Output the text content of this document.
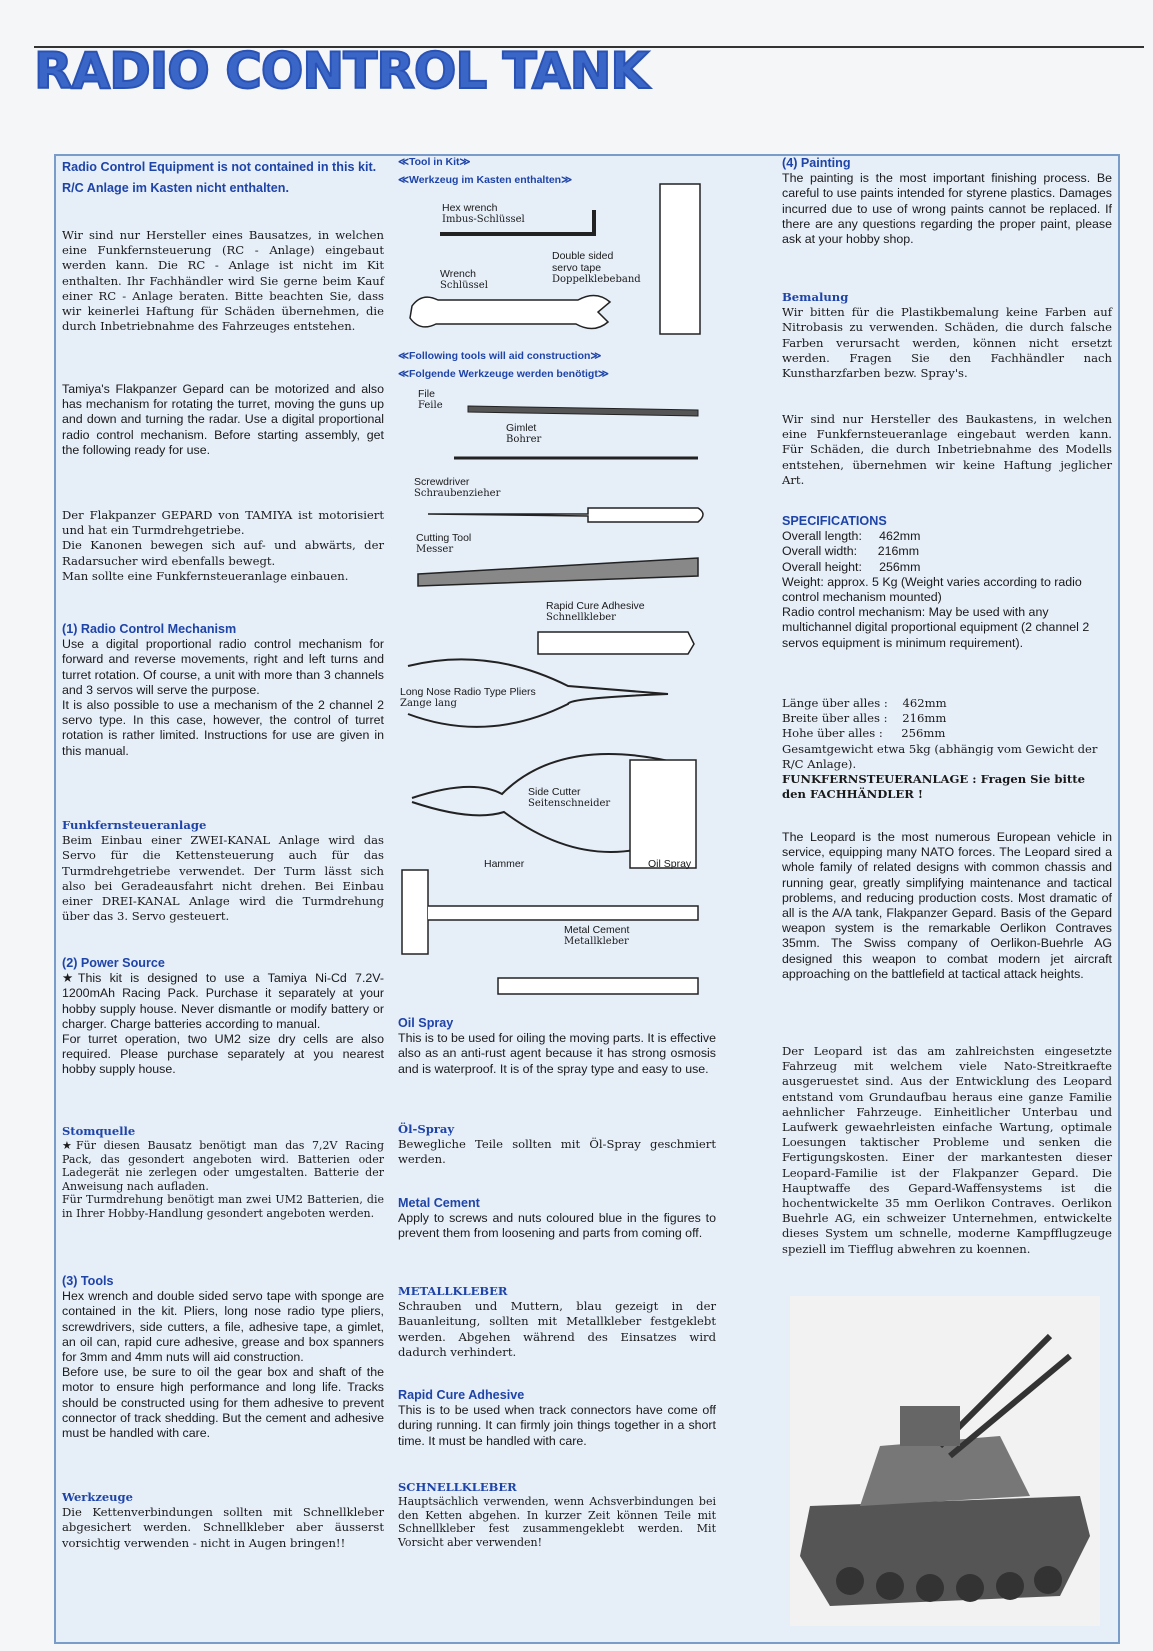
RADIO CONTROL TANK
Radio Control Equipment is not contained in this kit.
R/C Anlage im Kasten nicht enthalten.
Wir sind nur Hersteller eines Bausatzes, in welchen eine Funkfernsteuerung (RC - Anlage) eingebaut werden kann. Die RC - Anlage ist nicht im Kit enthalten. Ihr Fachhändler wird Sie gerne beim Kauf einer RC - Anlage beraten. Bitte beachten Sie, dass wir keinerlei Haftung für Schäden übernehmen, die durch Inbetriebnahme des Fahrzeuges entstehen.
Tamiya's Flakpanzer Gepard can be motorized and also has mechanism for rotating the turret, moving the guns up and down and turning the radar. Use a digital proportional radio control mechanism. Before starting assembly, get the following ready for use.
Der Flakpanzer GEPARD von TAMIYA ist motorisiert und hat ein Turmdrehgetriebe.
Die Kanonen bewegen sich auf- und abwärts, der Radarsucher wird ebenfalls bewegt.
Man sollte eine Funkfernsteueranlage einbauen.
(1) Radio Control Mechanism
Use a digital proportional radio control mechanism for forward and reverse movements, right and left turns and turret rotation. Of course, a unit with more than 3 channels and 3 servos will serve the purpose.
It is also possible to use a mechanism of the 2 channel 2 servo type. In this case, however, the control of turret rotation is rather limited. Instructions for use are given in this manual.
Funkfernsteueranlage
Beim Einbau einer ZWEI-KANAL Anlage wird das Servo für die Kettensteuerung auch für das Turmdrehgetriebe verwendet. Der Turm lässt sich also bei Geradeausfahrt nicht drehen. Bei Einbau einer DREI-KANAL Anlage wird die Turmdrehung über das 3. Servo gesteuert.
(2) Power Source
★This kit is designed to use a Tamiya Ni-Cd 7.2V-1200mAh Racing Pack. Purchase it separately at your hobby supply house. Never dismantle or modify battery or charger. Charge batteries according to manual.
For turret operation, two UM2 size dry cells are also required. Please purchase separately at you nearest hobby supply house.
Stomquelle
★Für diesen Bausatz benötigt man das 7,2V Racing Pack, das gesondert angeboten wird. Batterien oder Ladegerät nie zerlegen oder umgestalten. Batterie der Anweisung nach aufladen.
Für Turmdrehung benötigt man zwei UM2 Batterien, die in Ihrer Hobby-Handlung gesondert angeboten werden.
(3) Tools
Hex wrench and double sided servo tape with sponge are contained in the kit. Pliers, long nose radio type pliers, screwdrivers, side cutters, a file, adhesive tape, a gimlet, an oil can, rapid cure adhesive, grease and box spanners for 3mm and 4mm nuts will aid construction.
Before use, be sure to oil the gear box and shaft of the motor to ensure high performance and long life. Tracks should be constructed using for them adhesive to prevent connector of track shedding. But the cement and adhesive must be handled with care.
Werkzeuge
Die Kettenverbindungen sollten mit Schnellkleber abgesichert werden. Schnellkleber aber äusserst vorsichtig verwenden - nicht in Augen bringen!!
≪Tool in Kit≫
≪Werkzeug im Kasten enthalten≫
Hex wrench
Imbus-Schlüssel
Double sided
servo tape
Doppelklebeband
Wrench
Schlüssel
≪Following tools will aid construction≫
≪Folgende Werkzeuge werden benötigt≫
File
Feile
Gimlet
Bohrer
Screwdriver
Schraubenzieher
Cutting Tool
Messer
Rapid Cure Adhesive
Schnellkleber
Long Nose Radio Type Pliers
Zange lang
Side Cutter
Seitenschneider
Hammer	Oil Spray
Metal Cement
Metallkleber
Oil Spray
This is to be used for oiling the moving parts. It is effective also as an anti-rust agent because it has strong osmosis and is waterproof. It is of the spray type and easy to use.
Öl-Spray
Bewegliche Teile sollten mit Öl-Spray geschmiert werden.
Metal Cement
Apply to screws and nuts coloured blue in the figures to prevent them from loosening and parts from coming off.
METALLKLEBER
Schrauben und Muttern, blau gezeigt in der Bauanleitung, sollten mit Metallkleber festgeklebt werden. Abgehen während des Einsatzes wird dadurch verhindert.
Rapid Cure Adhesive
This is to be used when track connectors have come off during running. It can firmly join things together in a short time. It must be handled with care.
SCHNELLKLEBER
Hauptsächlich verwenden, wenn Achsverbindungen bei den Ketten abgehen. In kurzer Zeit können Teile mit Schnellkleber fest zusammengeklebt werden. Mit Vorsicht aber verwenden!
(4) Painting
The painting is the most important finishing process. Be careful to use paints intended for styrene plastics. Damages incurred due to use of wrong paints cannot be replaced. If there are any questions regarding the proper paint, please ask at your hobby shop.
Bemalung
Wir bitten für die Plastikbemalung keine Farben auf Nitrobasis zu verwenden. Schäden, die durch falsche Farben verursacht werden, können nicht ersetzt werden. Fragen Sie den Fachhändler nach Kunstharzfarben bezw. Spray's.
Wir sind nur Hersteller des Baukastens, in welchen eine Funkfernsteueranlage eingebaut werden kann. Für Schäden, die durch Inbetriebnahme des Modells entstehen, übernehmen wir keine Haftung jeglicher Art.
SPECIFICATIONS
Overall length:     462mm
Overall width:      216mm
Overall height:     256mm
Weight: approx. 5 Kg (Weight varies according to radio control mechanism mounted)
Radio control mechanism: May be used with any multichannel digital proportional equipment (2 channel 2 servos equipment is minimum requirement).
Länge über alles :    462mm
Breite über alles :    216mm
Hohe über alles :     256mm
Gesamtgewicht etwa 5kg (abhängig vom Gewicht der R/C Anlage).
FUNKFERNSTEUERANLAGE : Fragen Sie bitte den FACHHÄNDLER !
The Leopard is the most numerous European vehicle in service, equipping many NATO forces. The Leopard sired a whole family of related designs with common chassis and running gear, greatly simplifying maintenance and tactical problems, and reducing production costs. Most dramatic of all is the A/A tank, Flakpanzer Gepard. Basis of the Gepard weapon system is the remarkable Oerlikon Contraves 35mm. The Swiss company of Oerlikon-Buehrle AG designed this weapon to combat modern jet aircraft approaching on the battlefield at tactical attack heights.
Der Leopard ist das am zahlreichsten eingesetzte Fahrzeug mit welchem viele Nato-Streitkraefte ausgeruestet sind. Aus der Entwicklung des Leopard entstand vom Grundaufbau heraus eine ganze Familie aehnlicher Fahrzeuge. Einheitlicher Unterbau und Laufwerk gewaehrleisten einfache Wartung, optimale Loesungen taktischer Probleme und senken die Fertigungskosten. Einer der markantesten dieser Leopard-Familie ist der Flakpanzer Gepard. Die Hauptwaffe des Gepard-Waffensystems ist die hochentwickelte 35 mm Oerlikon Contraves. Oerlikon Buehrle AG, ein schweizer Unternehmen, entwickelte dieses System um schnelle, moderne Kampfflugzeuge speziell im Tiefflug abwehren zu koennen.
